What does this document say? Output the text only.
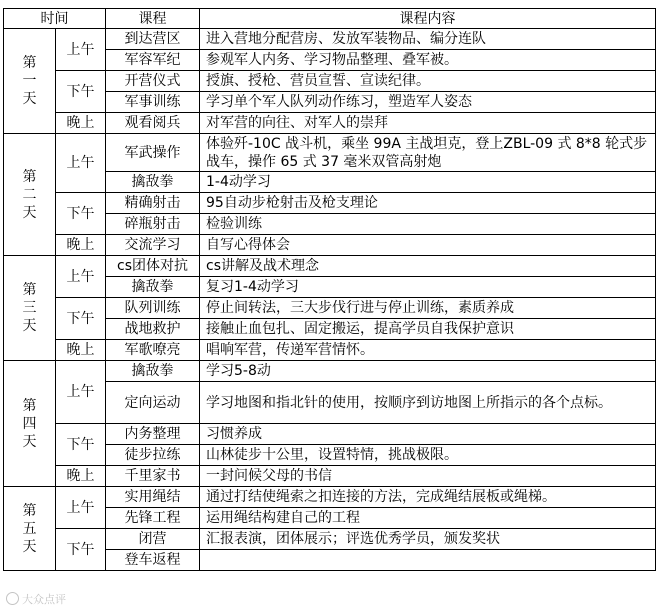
时间		课程	课程内容
第一天	上午	到达营区	进入营地分配营房、发放军装物品、编分连队
		军容军纪	参观军人内务、学习物品整理、叠军被。
	下午	开营仪式	授旗、授枪、营员宣誓、宣读纪律。
		军事训练	学习单个军人队列动作练习，塑造军人姿态
	晚上	观看阅兵	对军营的向往、对军人的崇拜
第二天	上午	军武操作	体验歼-10C 战斗机，乘坐 99A 主战坦克，登上ZBL-09 式 8*8 轮式步战车，操作 65 式 37 毫米双管高射炮
		擒敌拳	1-4动学习
	下午	精确射击	95自动步枪射击及枪支理论
		碎瓶射击	检验训练
	晚上	交流学习	自写心得体会
第三天	上午	cs团体对抗	cs讲解及战术理念
		擒敌拳	复习1-4动学习
	下午	队列训练	停止间转法，三大步伐行进与停止训练，素质养成
		战地救护	接触止血包扎、固定搬运，提高学员自我保护意识
	晚上	军歌嘹亮	唱响军营，传递军营情怀。
第四天	上午	擒敌拳	学习5-8动
		定向运动	学习地图和指北针的使用，按顺序到访地图上所指示的各个点标。
	下午	内务整理	习惯养成
		徒步拉练	山林徒步十公里，设置特情，挑战极限。
	晚上	千里家书	一封问候父母的书信
第五天	上午	实用绳结	通过打结使绳索之扣连接的方法，完成绳结展板或绳梯。
		先锋工程	运用绳结构建自己的工程
	下午	闭营	汇报表演，团体展示；评选优秀学员，颁发奖状
		登车返程	
大众点评
